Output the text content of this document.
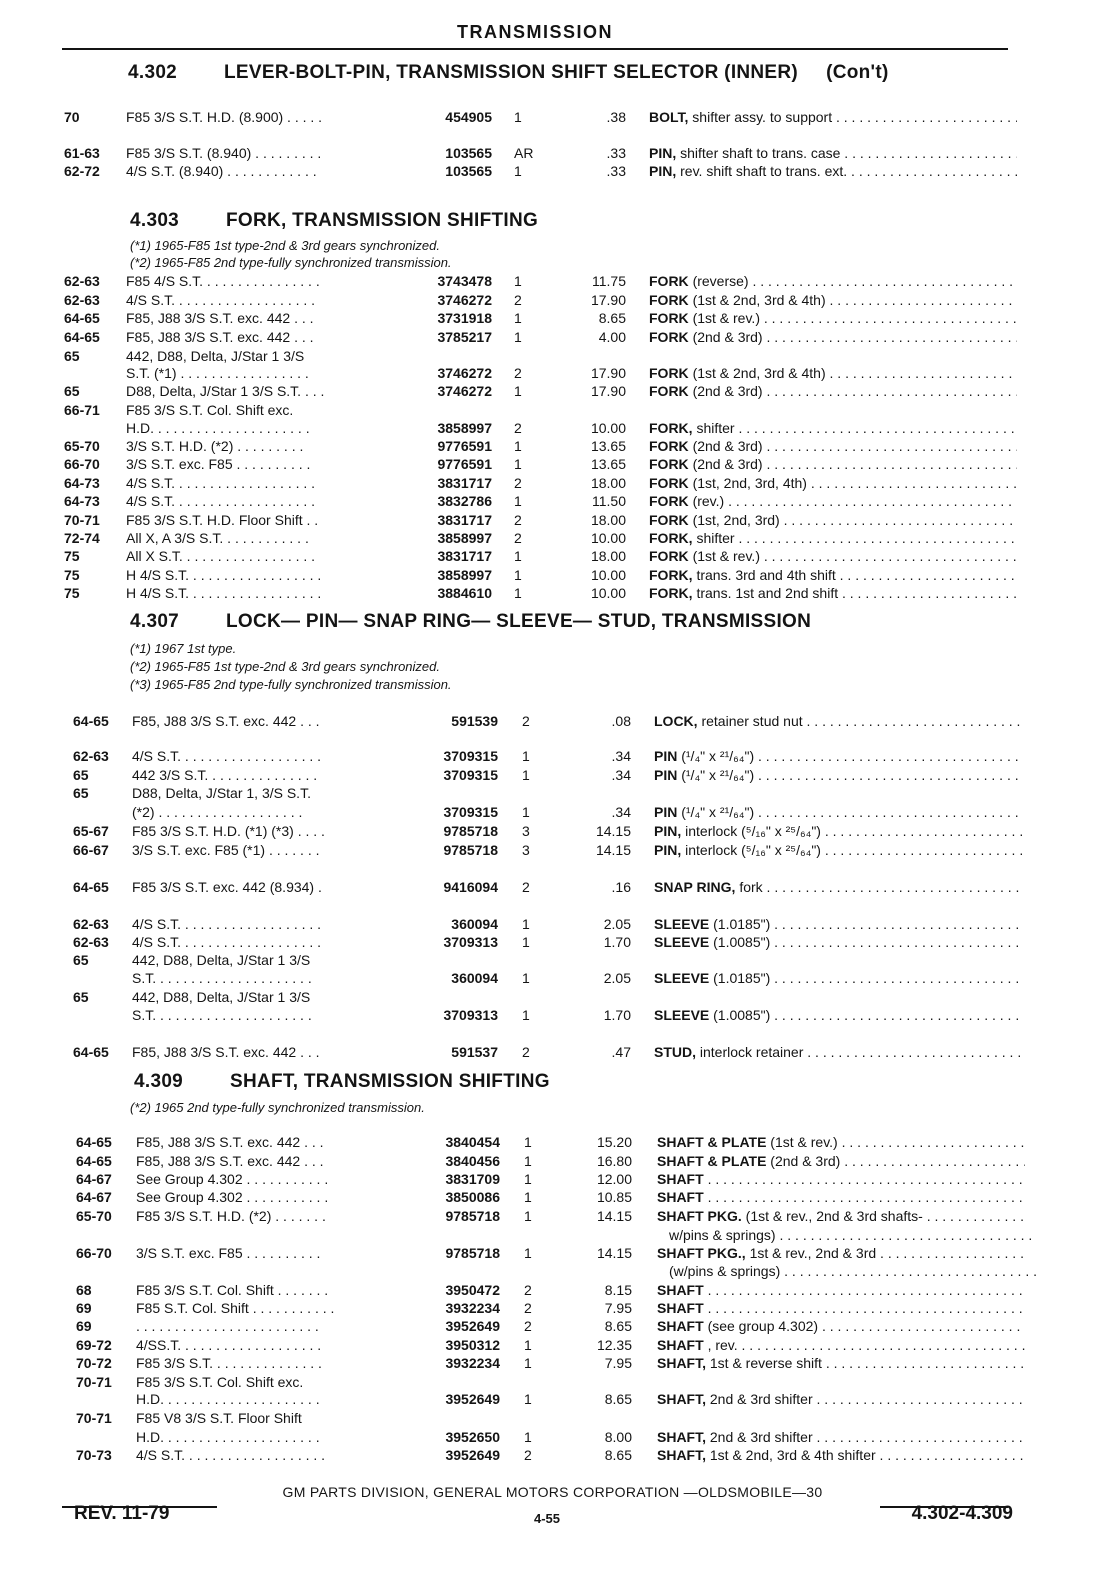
TRANSMISSION
4.302 LEVER-BOLT-PIN, TRANSMISSION SHIFT SELECTOR (INNER) (Con't)
4.303 FORK, TRANSMISSION SHIFTING
(*1) 1965-F85 1st type-2nd & 3rd gears synchronized.
(*2) 1965-F85 2nd type-fully synchronized transmission.
4.307 LOCK— PIN— SNAP RING— SLEEVE— STUD, TRANSMISSION
(*1) 1967 1st type.
(*2) 1965-F85 1st type-2nd & 3rd gears synchronized.
(*3) 1965-F85 2nd type-fully synchronized transmission.
4.309 SHAFT, TRANSMISSION SHIFTING
(*2) 1965 2nd type-fully synchronized transmission.
70	F85 3/S S.T. H.D. (8.900) . . . . .	454905 1	.38 BOLT, shifter assy. to support . . .
61-63 F85 3/S S.T. (8.940) . . . . . . . . .	103565 AR	.33 PIN, shifter shaft to trans. case . . .
62-72 4/S S.T. (8.940) . . . . . . . . . . . .	103565 1	.33 PIN, rev. shift shaft to trans. ext. . . .
62-63 F85 4/S S.T. . . . . . . . . . . . . . . .	3743478 1	11.75 FORK (reverse) . . .
62-63 4/S S.T. . . . . . . . . . . . . . . . . . .	3746272 2	17.90 FORK (1st & 2nd, 3rd & 4th) . . .
64-65 F85, J88 3/S S.T. exc. 442 . . .	3731918 1	8.65 FORK (1st & rev.) . . .
64-65 F85, J88 3/S S.T. exc. 442 . . .	3785217 1	4.00 FORK (2nd & 3rd) . . .
65	442, D88, Delta, J/Star 1 3/S
S.T. (*1) . . . . . . . . . . . . . . . . .	3746272 2	17.90 FORK (1st & 2nd, 3rd & 4th) . . .
65	D88, Delta, J/Star 1 3/S S.T. . . .	3746272 1	17.90 FORK (2nd & 3rd) . . .
66-71 F85 3/S S.T. Col. Shift exc.
H.D. . . . . . . . . . . . . . . . . . . . .	3858997 2	10.00 FORK, shifter . . .
65-70 3/S S.T. H.D. (*2) . . . . . . . . .	9776591 1	13.65 FORK (2nd & 3rd) . . .
66-70 3/S S.T. exc. F85 . . . . . . . . . .	9776591 1	13.65 FORK (2nd & 3rd) . . .
64-73 4/S S.T. . . . . . . . . . . . . . . . . . .	3831717 2	18.00 FORK (1st, 2nd, 3rd, 4th) . . .
64-73 4/S S.T. . . . . . . . . . . . . . . . . . .	3832786 1	11.50 FORK (rev.) . . .
70-71 F85 3/S S.T. H.D. Floor Shift . .	3831717 2	18.00 FORK (1st, 2nd, 3rd) . . .
72-74 All X, A 3/S S.T. . . . . . . . . . . .	3858997 2	10.00 FORK, shifter . . .
75	All X S.T. . . . . . . . . . . . . . . . . .	3831717 1	18.00 FORK (1st & rev.) . . .
75	H 4/S S.T. . . . . . . . . . . . . . . . . .	3858997 1	10.00 FORK, trans. 3rd and 4th shift . . .
75	H 4/S S.T. . . . . . . . . . . . . . . . . .	3884610 1	10.00 FORK, trans. 1st and 2nd shift . . .
64-65 F85, J88 3/S S.T. exc. 442 . . .	591539 2	.08 LOCK, retainer stud nut . . .
62-63 4/S S.T. . . . . . . . . . . . . . . . . . .	3709315 1	.34 PIN (¹/₄" x ²¹/₆₄") . . .
65	442 3/S S.T. . . . . . . . . . . . . . .	3709315 1	.34 PIN (¹/₄" x ²¹/₆₄") . . .
65	D88, Delta, J/Star 1, 3/S S.T.
(*2) . . . . . . . . . . . . . . . . . . .	3709315 1	.34 PIN (¹/₄" x ²¹/₆₄") . . .
65-67 F85 3/S S.T. H.D. (*1) (*3) . . . .	9785718 3	14.15 PIN, interlock (⁵/₁₆" x ²⁵/₆₄") . . .
66-67 3/S S.T. exc. F85 (*1) . . . . . . .	9785718 3	14.15 PIN, interlock (⁵/₁₆" x ²⁵/₆₄") . . .
64-65 F85 3/S S.T. exc. 442 (8.934) .	9416094 2	.16 SNAP RING, fork . . .
62-63 4/S S.T. . . . . . . . . . . . . . . . . . .	360094 1	2.05 SLEEVE (1.0185") . . .
62-63 4/S S.T. . . . . . . . . . . . . . . . . . .	3709313 1	1.70 SLEEVE (1.0085") . . .
65	442, D88, Delta, J/Star 1 3/S
S.T. . . . . . . . . . . . . . . . . . . . .	360094 1	2.05 SLEEVE (1.0185") . . .
65	442, D88, Delta, J/Star 1 3/S
S.T. . . . . . . . . . . . . . . . . . . . .	3709313 1	1.70 SLEEVE (1.0085") . . .
64-65 F85, J88 3/S S.T. exc. 442 . . .	591537 2	.47 STUD, interlock retainer . . .
64-65 F85, J88 3/S S.T. exc. 442 . . .	3840454 1	15.20 SHAFT & PLATE (1st & rev.) . . .
64-65 F85, J88 3/S S.T. exc. 442 . . .	3840456 1	16.80 SHAFT & PLATE (2nd & 3rd) . . .
64-67 See Group 4.302 . . . . . . . . . . .	3831709 1	12.00 SHAFT . . .
64-67 See Group 4.302 . . . . . . . . . . .	3850086 1	10.85 SHAFT . . .
65-70 F85 3/S S.T. H.D. (*2) . . . . . . .	9785718 1	14.15 SHAFT PKG. (1st & rev., 2nd & 3rd shafts- . . .
w/pins & springs) . . .
66-70 3/S S.T. exc. F85 . . . . . . . . . .	9785718 1	14.15 SHAFT PKG., 1st & rev., 2nd & 3rd . . .
(w/pins & springs) . . .
68	F85 3/S S.T. Col. Shift . . . . . . .	3950472 2	8.15 SHAFT . . .
69	F85 S.T. Col. Shift . . . . . . . . . . .	3932234 2	7.95 SHAFT . . .
69	. . . . . . . . . . . . . . . . . . . . . . . .	3952649 2	8.65 SHAFT (see group 4.302) . . .
69-72 4/SS.T. . . . . . . . . . . . . . . . . . .	3950312 1	12.35 SHAFT , rev. . . .
70-72 F85 3/S S.T. . . . . . . . . . . . . . .	3932234 1	7.95 SHAFT, 1st & reverse shift . . .
70-71 F85 3/S S.T. Col. Shift exc.
H.D. . . . . . . . . . . . . . . . . . . . .	3952649 1	8.65 SHAFT, 2nd & 3rd shifter . . .
70-71 F85 V8 3/S S.T. Floor Shift
H.D. . . . . . . . . . . . . . . . . . . . .	3952650 1	8.00 SHAFT, 2nd & 3rd shifter . . .
70-73 4/S S.T. . . . . . . . . . . . . . . . . . .	3952649 2	8.65 SHAFT, 1st & 2nd, 3rd & 4th shifter . . .
GM PARTS DIVISION, GENERAL MOTORS CORPORATION —OLDSMOBILE—30
REV. 11-79	4-55	4.302-4.309
